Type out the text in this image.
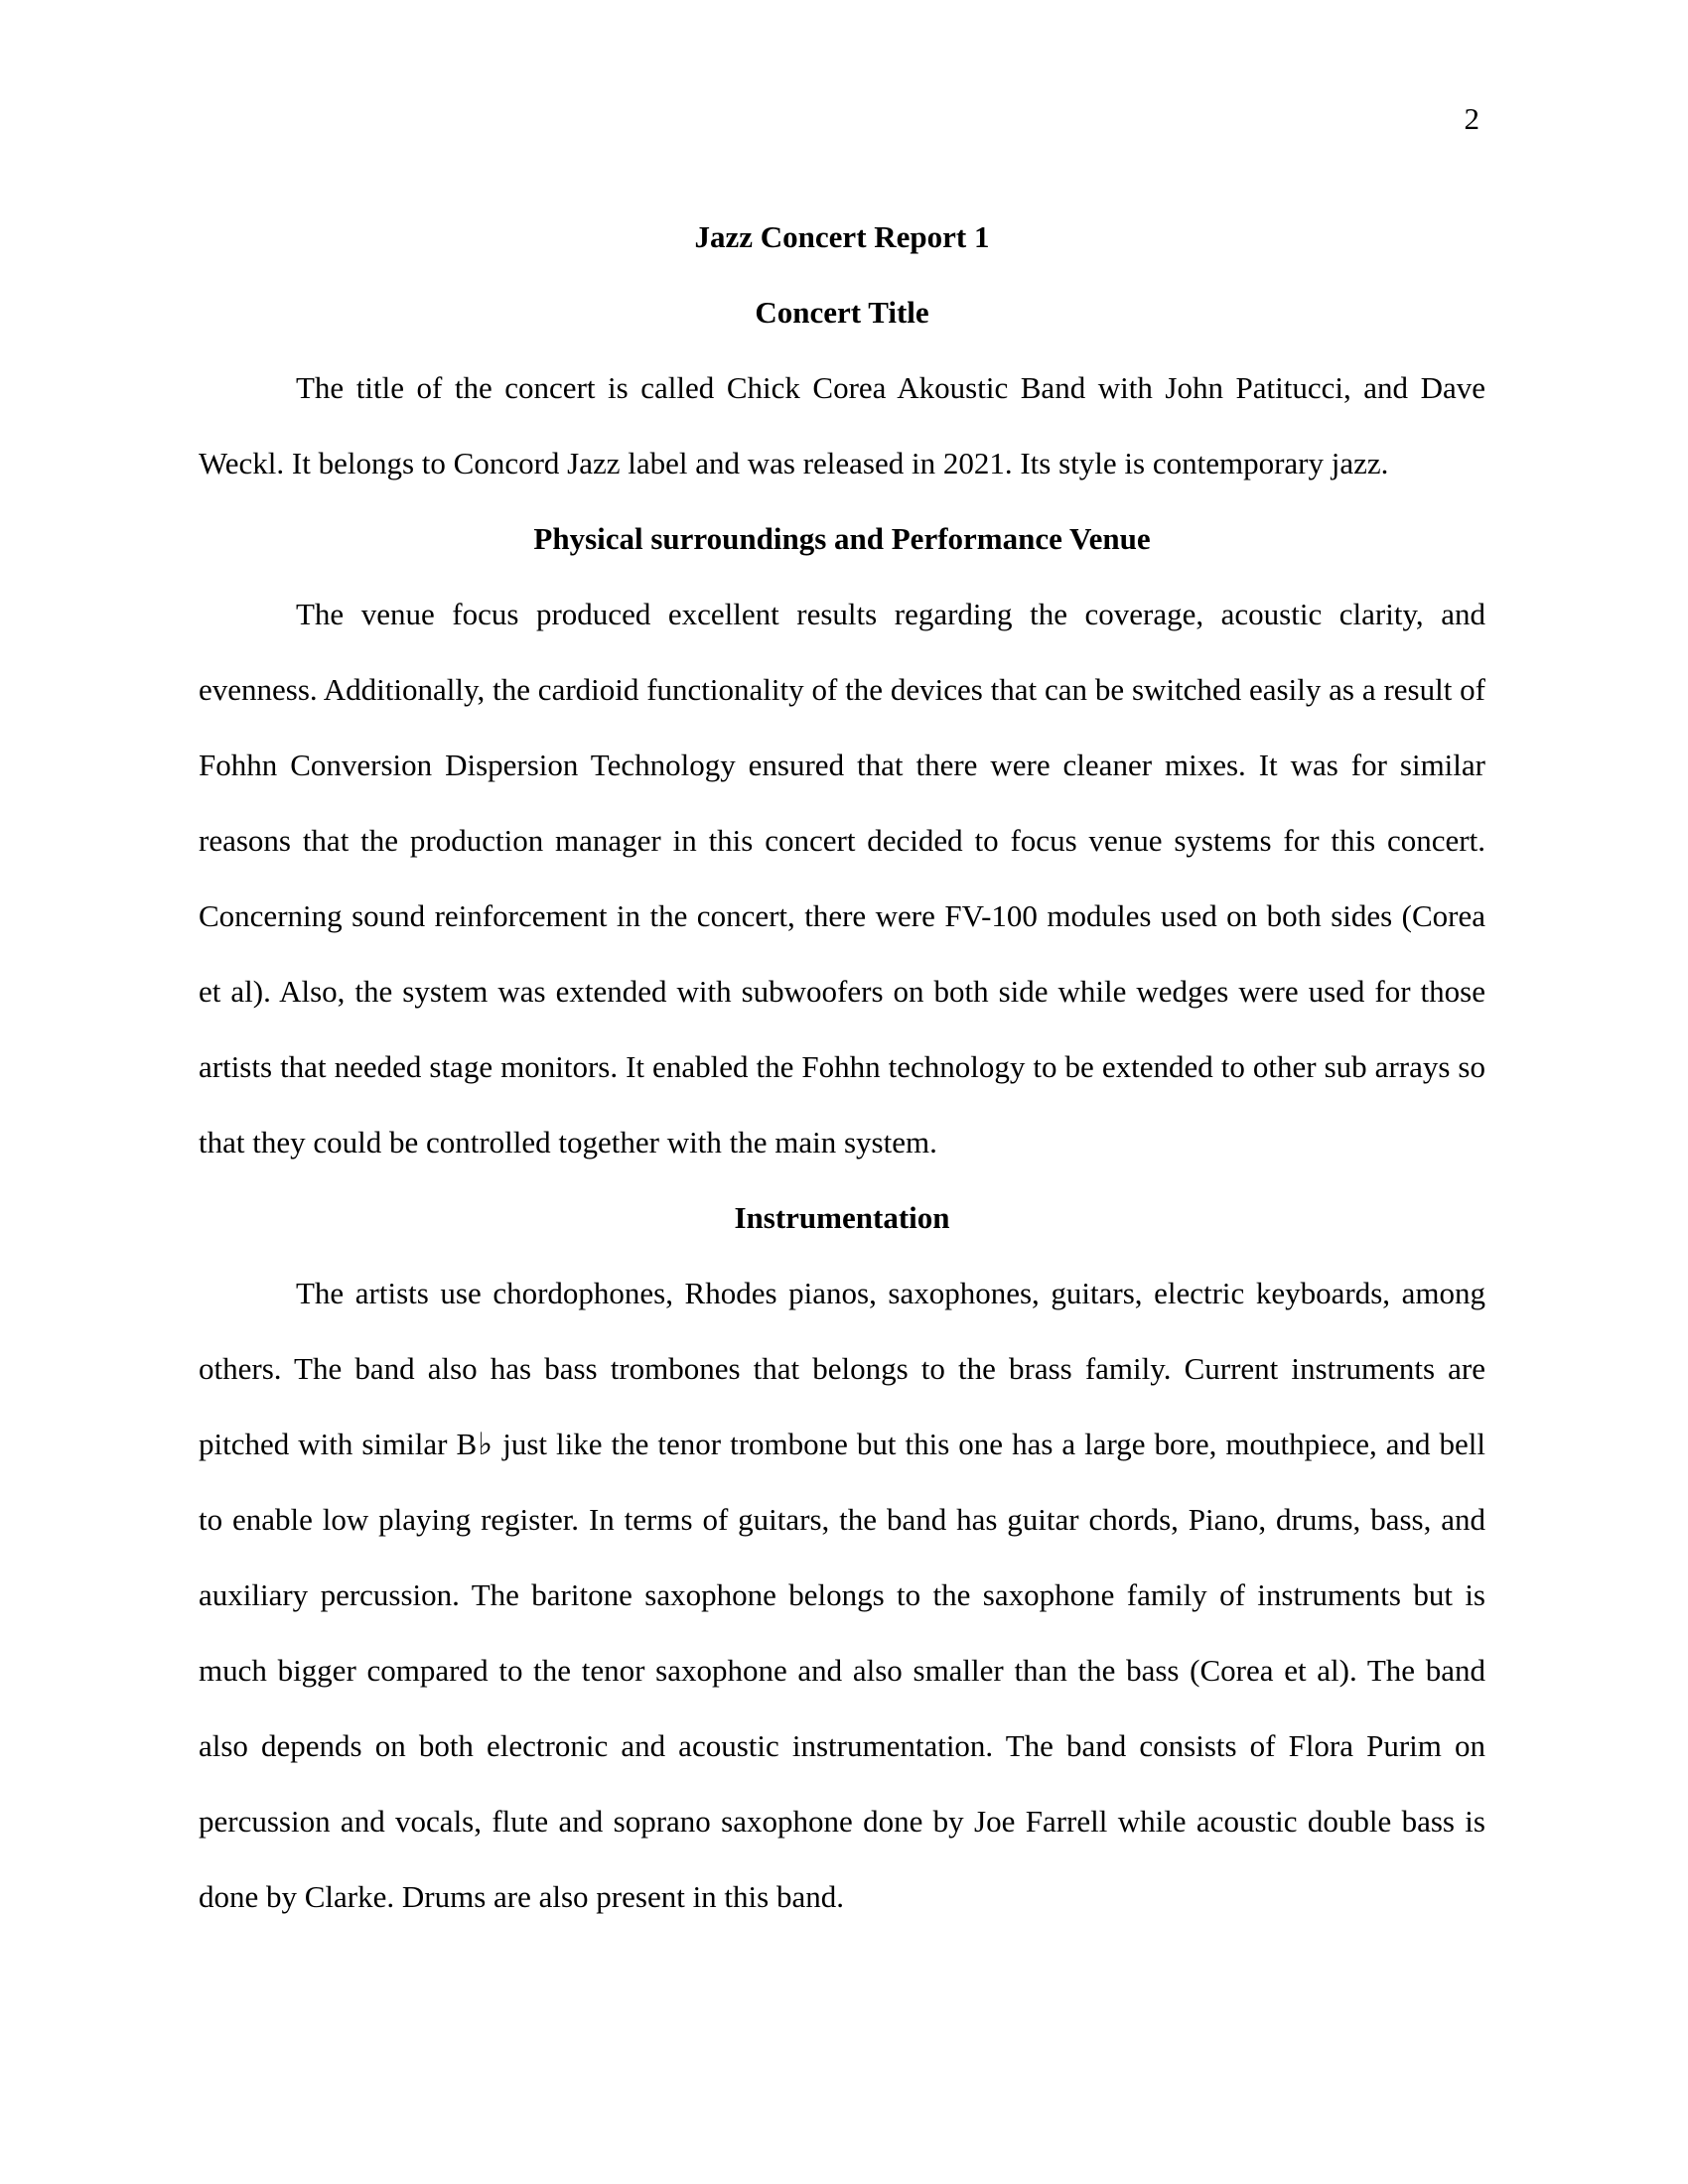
2
Jazz Concert Report 1
Concert Title

The title of the concert is called Chick Corea Akoustic Band with John Patitucci, and Dave Weckl. It belongs to Concord Jazz label and was released in 2021. Its style is contemporary jazz.

Physical surroundings and Performance Venue

The venue focus produced excellent results regarding the coverage, acoustic clarity, and evenness. Additionally, the cardioid functionality of the devices that can be switched easily as a result of Fohhn Conversion Dispersion Technology ensured that there were cleaner mixes. It was for similar reasons that the production manager in this concert decided to focus venue systems for this concert. Concerning sound reinforcement in the concert, there were FV-100 modules used on both sides (Corea et al). Also, the system was extended with subwoofers on both side while wedges were used for those artists that needed stage monitors. It enabled the Fohhn technology to be extended to other sub arrays so that they could be controlled together with the main system.

Instrumentation

The artists use chordophones, Rhodes pianos, saxophones, guitars, electric keyboards, among others. The band also has bass trombones that belongs to the brass family. Current instruments are pitched with similar B♭ just like the tenor trombone but this one has a large bore, mouthpiece, and bell to enable low playing register. In terms of guitars, the band has guitar chords, Piano, drums, bass, and auxiliary percussion. The baritone saxophone belongs to the saxophone family of instruments but is much bigger compared to the tenor saxophone and also smaller than the bass (Corea et al). The band also depends on both electronic and acoustic instrumentation. The band consists of Flora Purim on percussion and vocals, flute and soprano saxophone done by Joe Farrell while acoustic double bass is done by Clarke. Drums are also present in this band.
